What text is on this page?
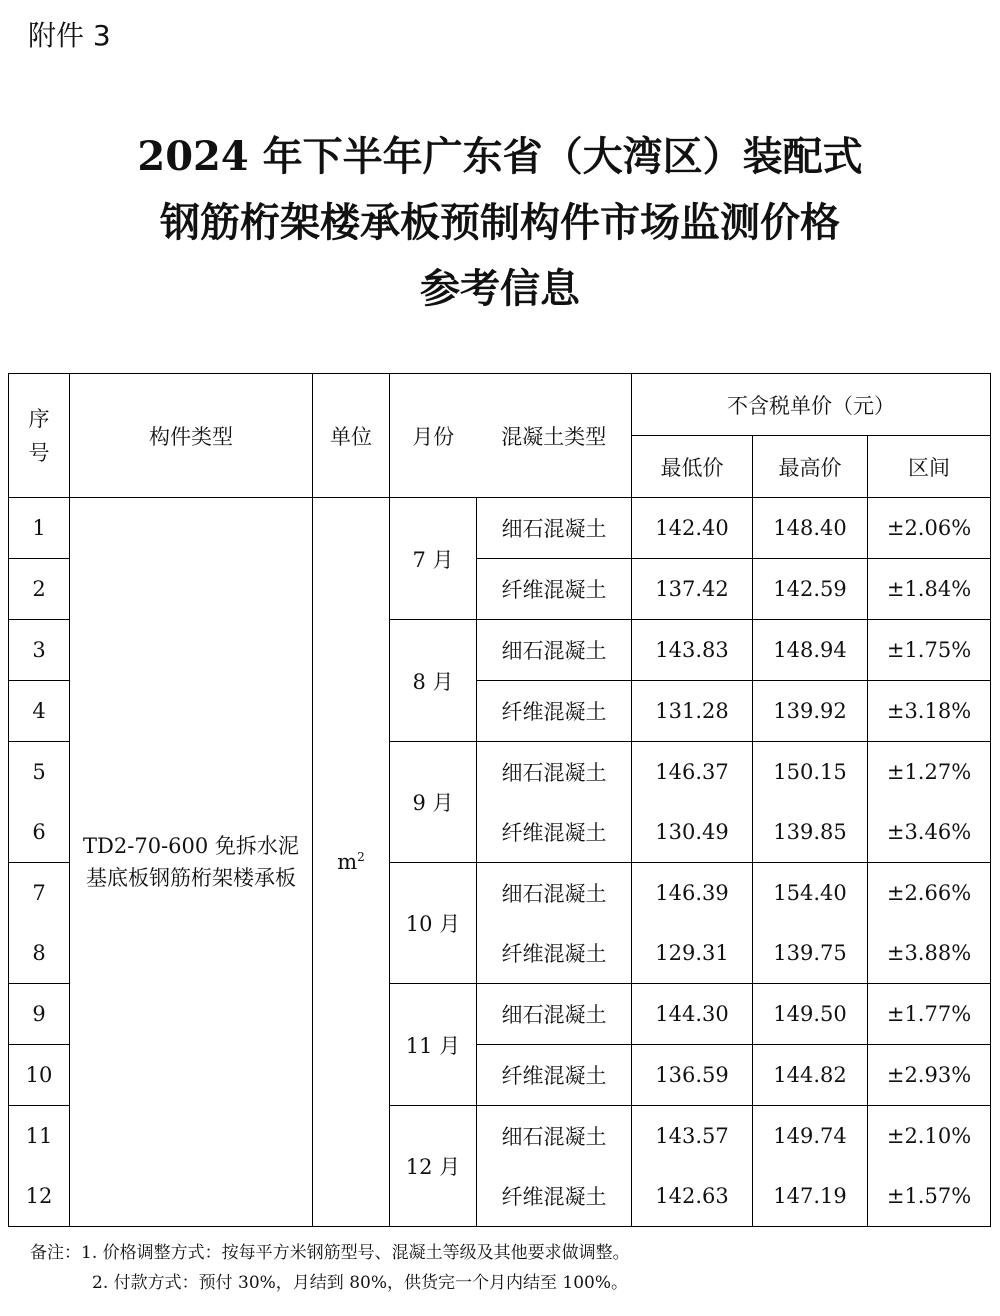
附件 3
2024 年下半年广东省（大湾区）装配式
钢筋桁架楼承板预制构件市场监测价格
参考信息
序
号	构件类型	单位	月份	混凝土类型	不含税单价（元）		
					最低价	最高价	区间
1	TD2-70-600 免拆水泥基底板钢筋桁架楼承板	$m^2$	7 月	细石混凝土	142.40	148.40	±2.06%
2				纤维混凝土	137.42	142.59	±1.84%
3			8 月	细石混凝土	143.83	148.94	±1.75%
4				纤维混凝土	131.28	139.92	±3.18%
5			9 月	细石混凝土	146.37	150.15	±1.27%
6				纤维混凝土	130.49	139.85	±3.46%
7			10 月	细石混凝土	146.39	154.40	±2.66%
8				纤维混凝土	129.31	139.75	±3.88%
9			11 月	细石混凝土	144.30	149.50	±1.77%
10				纤维混凝土	136.59	144.82	±2.93%
11			12 月	细石混凝土	143.57	149.74	±2.10%
12				纤维混凝土	142.63	147.19	±1.57%
备注：1. 价格调整方式：按每平方米钢筋型号、混凝土等级及其他要求做调整。
2. 付款方式：预付 30%，月结到 80%，供货完一个月内结至 100%。
